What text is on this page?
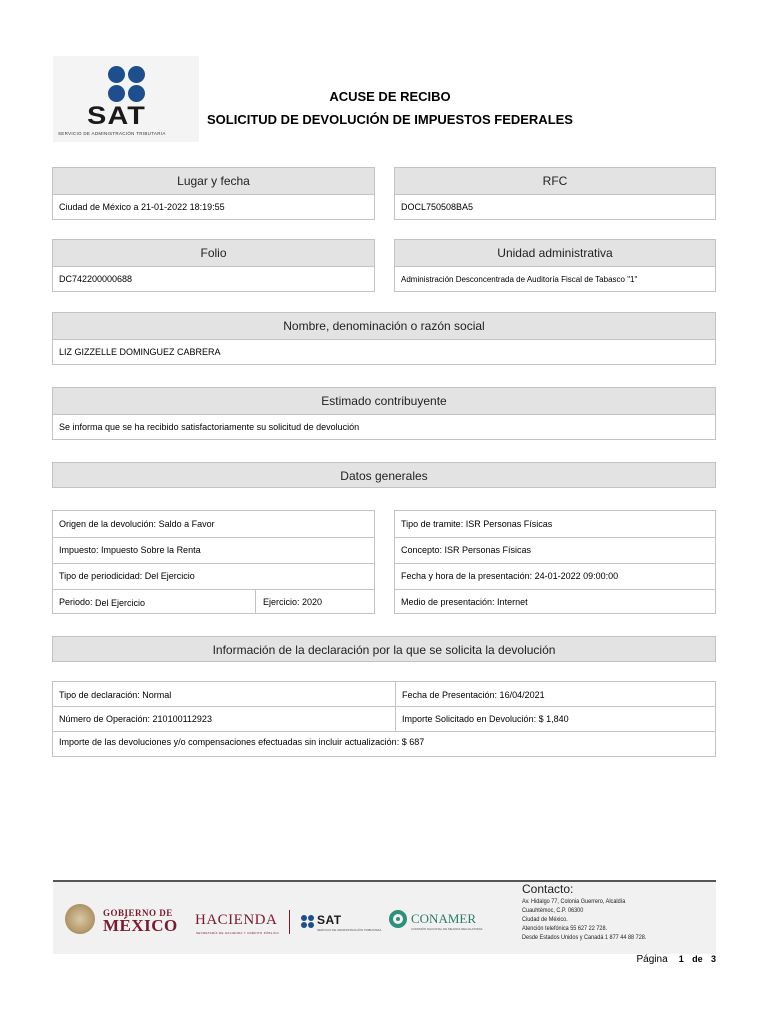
SAT
SERVICIO DE ADMINISTRACIÓN TRIBUTARIA
ACUSE DE RECIBO
SOLICITUD DE DEVOLUCIÓN DE IMPUESTOS FEDERALES
Lugar y fecha
Ciudad de México a 21-01-2022 18:19:55
RFC
DOCL750508BA5
Folio
DC742200000688
Unidad administrativa
Administración Desconcentrada de Auditoría Fiscal de Tabasco "1"
Nombre, denominación o razón social
LIZ GIZZELLE DOMINGUEZ CABRERA
Estimado contribuyente
Se informa que se ha recibido satisfactoriamente su solicitud de devolución
Datos generales
Origen de la devolución: Saldo a Favor
Impuesto: Impuesto Sobre la Renta
Tipo de periodicidad: Del Ejercicio
Periodo: Del Ejercicio	Ejercicio: 2020
Tipo de tramite: ISR Personas Físicas
Concepto: ISR Personas Físicas
Fecha y hora de la presentación: 24-01-2022 09:00:00
Medio de presentación: Internet
Información de la declaración por la que se solicita la devolución
Tipo de declaración: Normal	Fecha de Presentación: 16/04/2021
Número de Operación: 210100112923	Importe Solicitado en Devolución: $ 1,840
Importe de las devoluciones y/o compensaciones efectuadas sin incluir actualización: $ 687
GOBIERNO DE
MÉXICO HACIENDA
SECRETARÍA DE HACIENDA Y CRÉDITO PÚBLICO
SAT
SERVICIO DE ADMINISTRACIÓN TRIBUTARIA
CONAMER
COMISIÓN NACIONAL DE MEJORA REGULATORIA
Contacto:
Av. Hidalgo 77, Colonia Guerrero, Alcaldía
Cuauhtémoc, C.P. 06300
Ciudad de México.
Atención telefónica 55 627 22 728.
Desde Estados Unidos y Canadá 1 877 44 88 728.
Página 1 de 3
